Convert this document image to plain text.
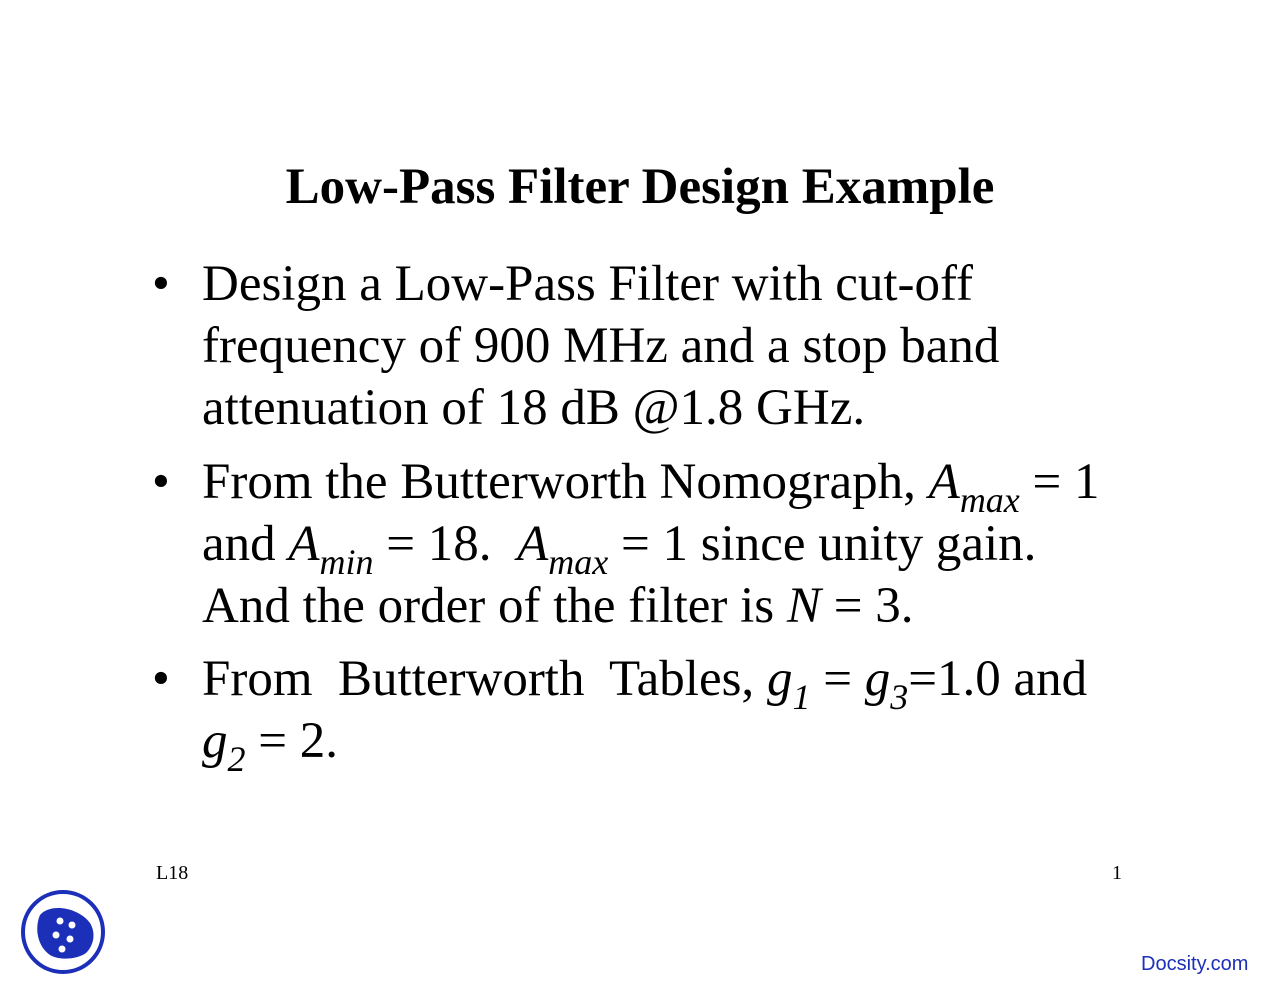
Low-Pass Filter Design Example
• Design a Low-Pass Filter with cut-off
frequency of 900 MHz and a stop band
attenuation of 18 dB @1.8 GHz.
• From the Butterworth Nomograph, $A_{max} = 1$
and $A_{min} = 18$.  $A_{max} = 1$ since unity gain.
And the order of the filter is N = 3.
• From  Butterworth  Tables, $g_1 = g_3=1.0$ and
$g_2 = 2$.
L18	1
Docsity.com
